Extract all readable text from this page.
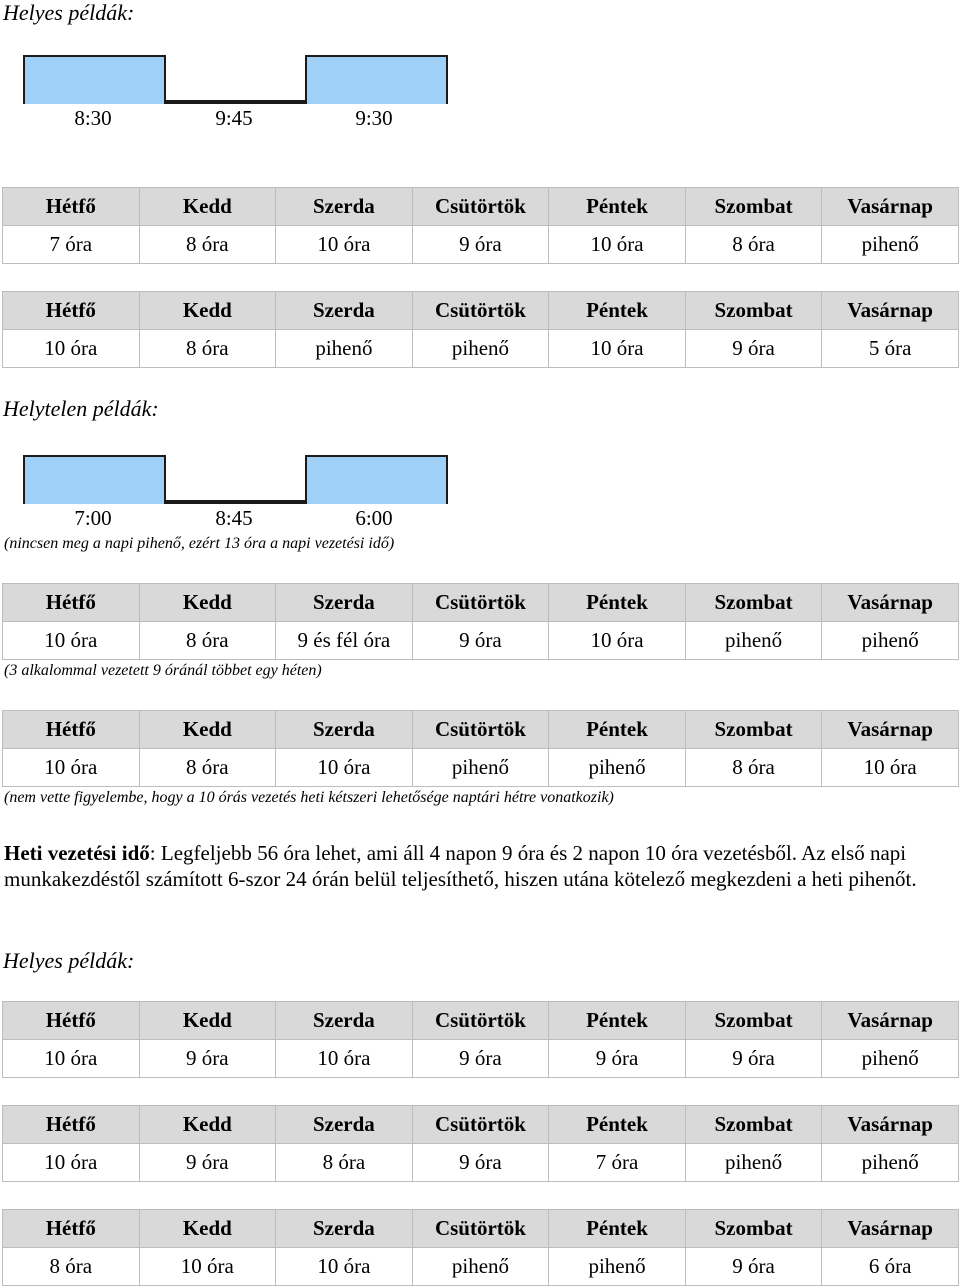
Helyes példák:
8:30	9:45	9:30
Hétfő	Kedd	Szerda	Csütörtök	Péntek	Szombat	Vasárnap
7 óra	8 óra	10 óra	9 óra	10 óra	8 óra	pihenő
Hétfő	Kedd	Szerda	Csütörtök	Péntek	Szombat	Vasárnap
10 óra	8 óra	pihenő	pihenő	10 óra	9 óra	5 óra
Helytelen példák:
7:00	8:45	6:00
(nincsen meg a napi pihenő, ezért 13 óra a napi vezetési idő)
Hétfő	Kedd	Szerda	Csütörtök	Péntek	Szombat	Vasárnap
10 óra	8 óra	9 és fél óra	9 óra	10 óra	pihenő	pihenő
(3 alkalommal vezetett 9 óránál többet egy héten)
Hétfő	Kedd	Szerda	Csütörtök	Péntek	Szombat	Vasárnap
10 óra	8 óra	10 óra	pihenő	pihenő	8 óra	10 óra
(nem vette figyelembe, hogy a 10 órás vezetés heti kétszeri lehetősége naptári hétre vonatkozik)
Heti vezetési idő: Legfeljebb 56 óra lehet, ami áll 4 napon 9 óra és 2 napon 10 óra vezetésből. Az első napi munkakezdéstől számított 6-szor 24 órán belül teljesíthető, hiszen utána kötelező megkezdeni a heti pihenőt.
Helyes példák:
Hétfő	Kedd	Szerda	Csütörtök	Péntek	Szombat	Vasárnap
10 óra	9 óra	10 óra	9 óra	9 óra	9 óra	pihenő
Hétfő	Kedd	Szerda	Csütörtök	Péntek	Szombat	Vasárnap
10 óra	9 óra	8 óra	9 óra	7 óra	pihenő	pihenő
Hétfő	Kedd	Szerda	Csütörtök	Péntek	Szombat	Vasárnap
8 óra	10 óra	10 óra	pihenő	pihenő	9 óra	6 óra
